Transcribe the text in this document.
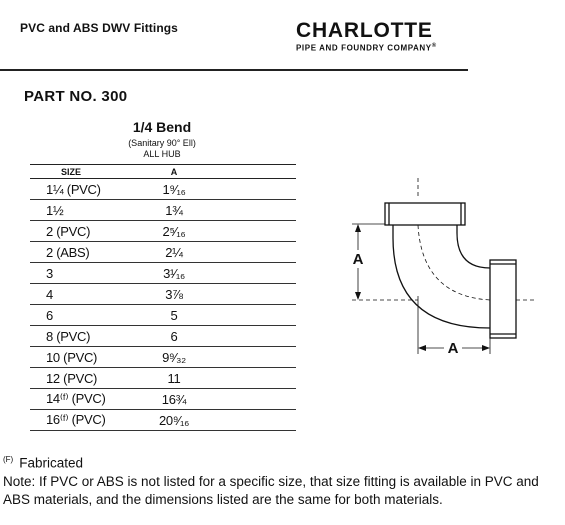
PVC and ABS DWV Fittings	CHARLOTTE
PIPE AND FOUNDRY COMPANY®
PART NO. 300
1/4 Bend
(Sanitary 90° Ell)
ALL HUB
SIZE	A
1¼ (PVC)	1⁹⁄₁₆
1½	1¾
2 (PVC)	2⁵⁄₁₆
2 (ABS)	2¼
3	3¹⁄₁₆
4	3⅞
6	5
8 (PVC)	6
10 (PVC)	9⁹⁄₃₂
12 (PVC)	11
14⁽ᶠ⁾ (PVC)	16¾
16⁽ᶠ⁾ (PVC)	20⁹⁄₁₆
A
A
$^{(F)}$ Fabricated
Note: If PVC or ABS is not listed for a specific size, that size fitting is available in PVC and ABS materials, and the dimensions listed are the same for both materials.
